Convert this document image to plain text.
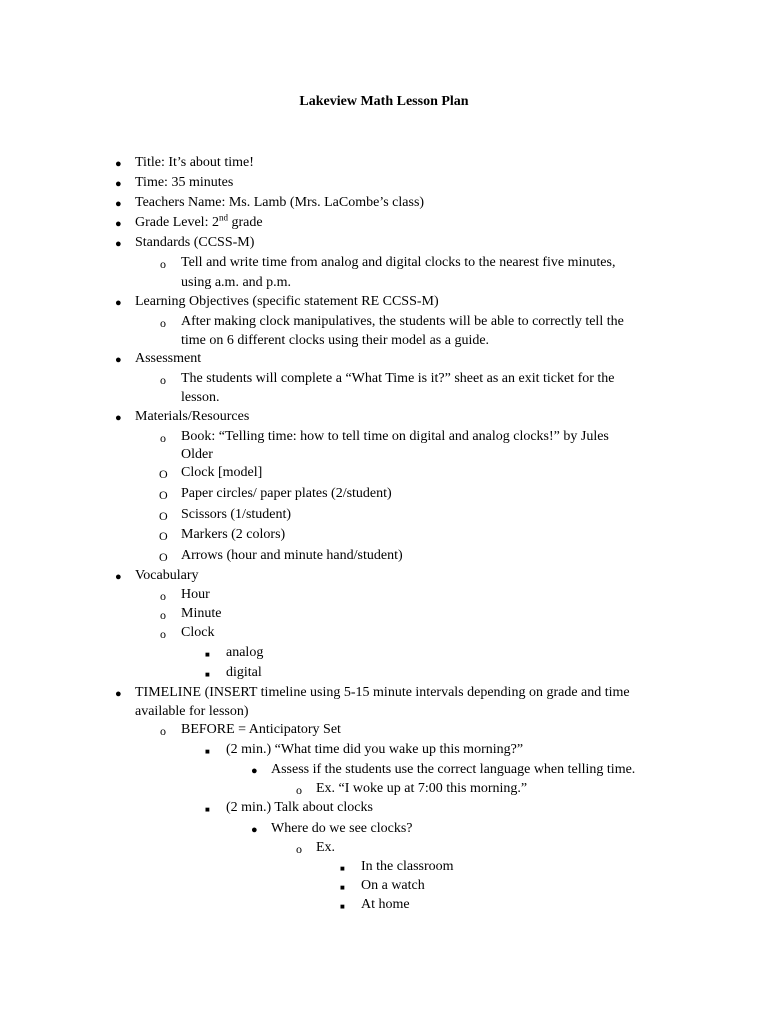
Lakeview Math Lesson Plan
● Title: It’s about time!
● Time: 35 minutes
● Teachers Name: Ms. Lamb (Mrs. LaCombe’s class)
● Grade Level: 2nd grade
● Standards (CCSS-M)
o Tell and write time from analog and digital clocks to the nearest five minutes,
using a.m. and p.m.
● Learning Objectives (specific statement RE CCSS-M)
o After making clock manipulatives, the students will be able to correctly tell the
time on 6 different clocks using their model as a guide.
● Assessment
o The students will complete a “What Time is it?” sheet as an exit ticket for the
lesson.
● Materials/Resources
o Book: “Telling time: how to tell time on digital and analog clocks!” by Jules
Older
O Clock [model]
O Paper circles/ paper plates (2/student)
O Scissors (1/student)
O Markers (2 colors)
O Arrows (hour and minute hand/student)
● Vocabulary
o Hour
o Minute
o Clock
■ analog
■ digital
● TIMELINE (INSERT timeline using 5-15 minute intervals depending on grade and time
available for lesson)
o BEFORE = Anticipatory Set
■ (2 min.) “What time did you wake up this morning?”
● Assess if the students use the correct language when telling time.
o Ex. “I woke up at 7:00 this morning.”
■ (2 min.) Talk about clocks
● Where do we see clocks?
o Ex.
■ In the classroom
■ On a watch
■ At home
